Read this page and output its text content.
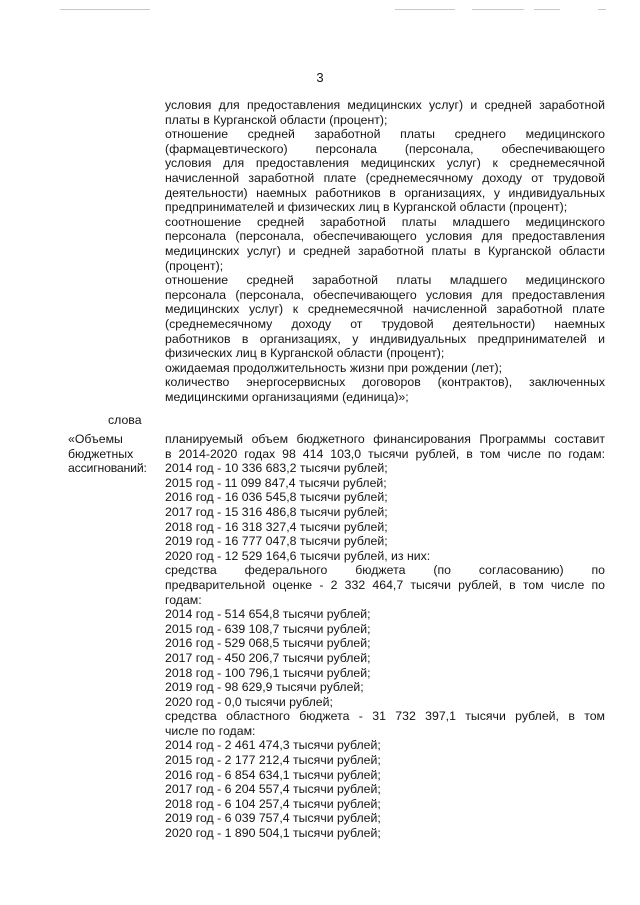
3
условия для предоставления медицинских услуг) и средней заработной
платы в Курганской области (процент);
отношение средней заработной платы среднего медицинского
(фармацевтического) персонала (персонала, обеспечивающего
условия для предоставления медицинских услуг) к среднемесячной
начисленной заработной плате (среднемесячному доходу от трудовой
деятельности) наемных работников в организациях, у индивидуальных
предпринимателей и физических лиц в Курганской области (процент);
соотношение средней заработной платы младшего медицинского
персонала (персонала, обеспечивающего условия для предоставления
медицинских услуг) и средней заработной платы в Курганской области
(процент);
отношение средней заработной платы младшего медицинского
персонала (персонала, обеспечивающего условия для предоставления
медицинских услуг) к среднемесячной начисленной заработной плате
(среднемесячному доходу от трудовой деятельности) наемных
работников в организациях, у индивидуальных предпринимателей и
физических лиц в Курганской области (процент);
ожидаемая продолжительность жизни при рождении (лет);
количество энергосервисных договоров (контрактов), заключенных
медицинскими организациями (единица)»;
слова
«Объемы
бюджетных
ассигнований:
планируемый объем бюджетного финансирования Программы составит
в 2014-2020 годах 98 414 103,0 тысячи рублей, в том числе по годам:
2014 год - 10 336 683,2 тысячи рублей;
2015 год - 11 099 847,4 тысячи рублей;
2016 год - 16 036 545,8 тысячи рублей;
2017 год - 15 316 486,8 тысячи рублей;
2018 год - 16 318 327,4 тысячи рублей;
2019 год - 16 777 047,8 тысячи рублей;
2020 год - 12 529 164,6 тысячи рублей, из них:
средства федерального бюджета (по согласованию) по
предварительной оценке - 2 332 464,7 тысячи рублей, в том числе по
годам:
2014 год - 514 654,8 тысячи рублей;
2015 год - 639 108,7 тысячи рублей;
2016 год - 529 068,5 тысячи рублей;
2017 год - 450 206,7 тысячи рублей;
2018 год - 100 796,1 тысячи рублей;
2019 год - 98 629,9 тысячи рублей;
2020 год - 0,0 тысячи рублей;
средства областного бюджета - 31 732 397,1 тысячи рублей, в том
числе по годам:
2014 год - 2 461 474,3 тысячи рублей;
2015 год - 2 177 212,4 тысячи рублей;
2016 год - 6 854 634,1 тысячи рублей;
2017 год - 6 204 557,4 тысячи рублей;
2018 год - 6 104 257,4 тысячи рублей;
2019 год - 6 039 757,4 тысячи рублей;
2020 год - 1 890 504,1 тысячи рублей;
